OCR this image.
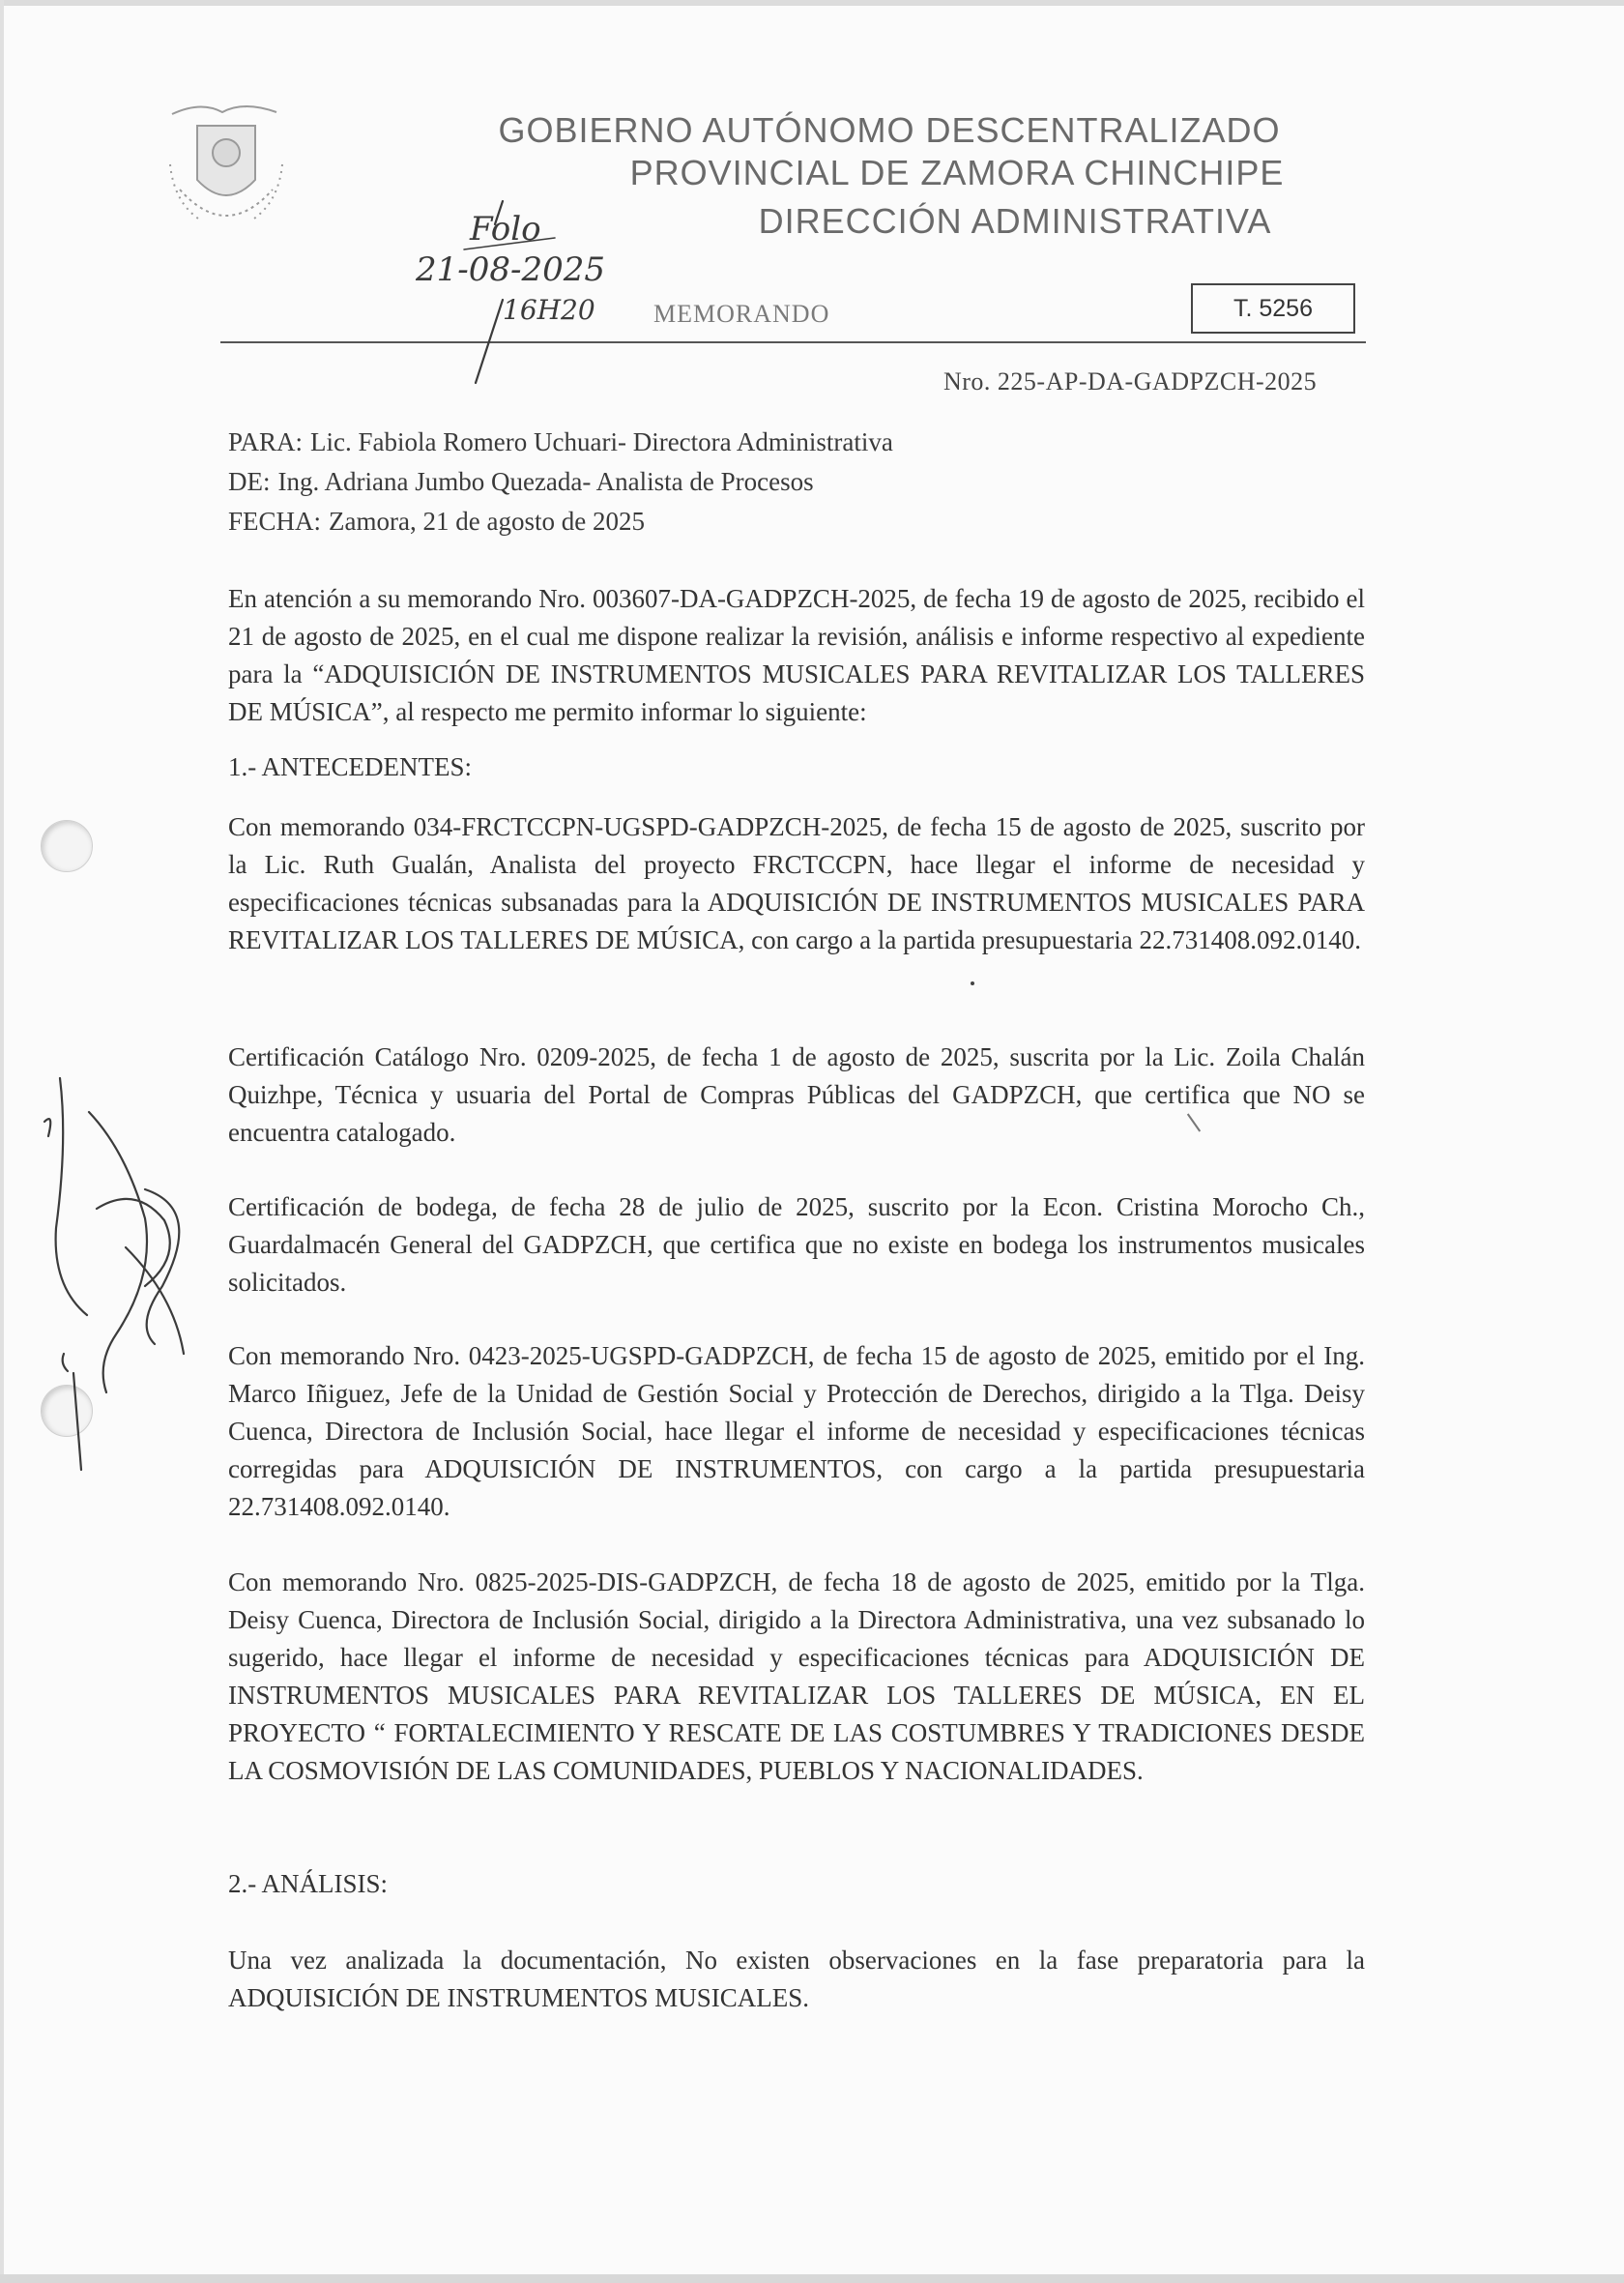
GOBIERNO AUTÓNOMO DESCENTRALIZADO
PROVINCIAL DE ZAMORA CHINCHIPE
DIRECCIÓN ADMINISTRATIVA
MEMORANDO	T. 5256
Folo
21-08-2025
16H20
Nro. 225-AP-DA-GADPZCH-2025
PARA: Lic. Fabiola Romero Uchuari- Directora Administrativa
DE: Ing. Adriana Jumbo Quezada- Analista de Procesos
FECHA: Zamora, 21 de agosto de 2025
En atención a su memorando Nro. 003607-DA-GADPZCH-2025, de fecha 19 de agosto de 2025, recibido el 21 de agosto de 2025, en el cual me dispone realizar la revisión, análisis e informe respectivo al expediente para la “ADQUISICIÓN DE INSTRUMENTOS MUSICALES PARA REVITALIZAR LOS TALLERES DE MÚSICA”, al respecto me permito informar lo siguiente:
1.- ANTECEDENTES:
Con memorando 034-FRCTCCPN-UGSPD-GADPZCH-2025, de fecha 15 de agosto de 2025, suscrito por la Lic. Ruth Gualán, Analista del proyecto FRCTCCPN, hace llegar el informe de necesidad y especificaciones técnicas subsanadas para la ADQUISICIÓN DE INSTRUMENTOS MUSICALES PARA REVITALIZAR LOS TALLERES DE MÚSICA, con cargo a la partida presupuestaria 22.731408.092.0140.
Certificación Catálogo Nro. 0209-2025, de fecha 1 de agosto de 2025, suscrita por la Lic. Zoila Chalán Quizhpe, Técnica y usuaria del Portal de Compras Públicas del GADPZCH, que certifica que NO se encuentra catalogado.
Certificación de bodega, de fecha 28 de julio de 2025, suscrito por la Econ. Cristina Morocho Ch., Guardalmacén General del GADPZCH, que certifica que no existe en bodega los instrumentos musicales solicitados.
Con memorando Nro. 0423-2025-UGSPD-GADPZCH, de fecha 15 de agosto de 2025, emitido por el Ing. Marco Iñiguez, Jefe de la Unidad de Gestión Social y Protección de Derechos, dirigido a la Tlga. Deisy Cuenca, Directora de Inclusión Social, hace llegar el informe de necesidad y especificaciones técnicas corregidas para ADQUISICIÓN DE INSTRUMENTOS, con cargo a la partida presupuestaria 22.731408.092.0140.
Con memorando Nro. 0825-2025-DIS-GADPZCH, de fecha 18 de agosto de 2025, emitido por la Tlga. Deisy Cuenca, Directora de Inclusión Social, dirigido a la Directora Administrativa, una vez subsanado lo sugerido, hace llegar el informe de necesidad y especificaciones técnicas para ADQUISICIÓN DE INSTRUMENTOS MUSICALES PARA REVITALIZAR LOS TALLERES DE MÚSICA, EN EL PROYECTO “ FORTALECIMIENTO Y RESCATE DE LAS COSTUMBRES Y TRADICIONES DESDE LA COSMOVISIÓN DE LAS COMUNIDADES, PUEBLOS Y NACIONALIDADES.
2.- ANÁLISIS:
Una vez analizada la documentación, No existen observaciones en la fase preparatoria para la ADQUISICIÓN DE INSTRUMENTOS MUSICALES.
